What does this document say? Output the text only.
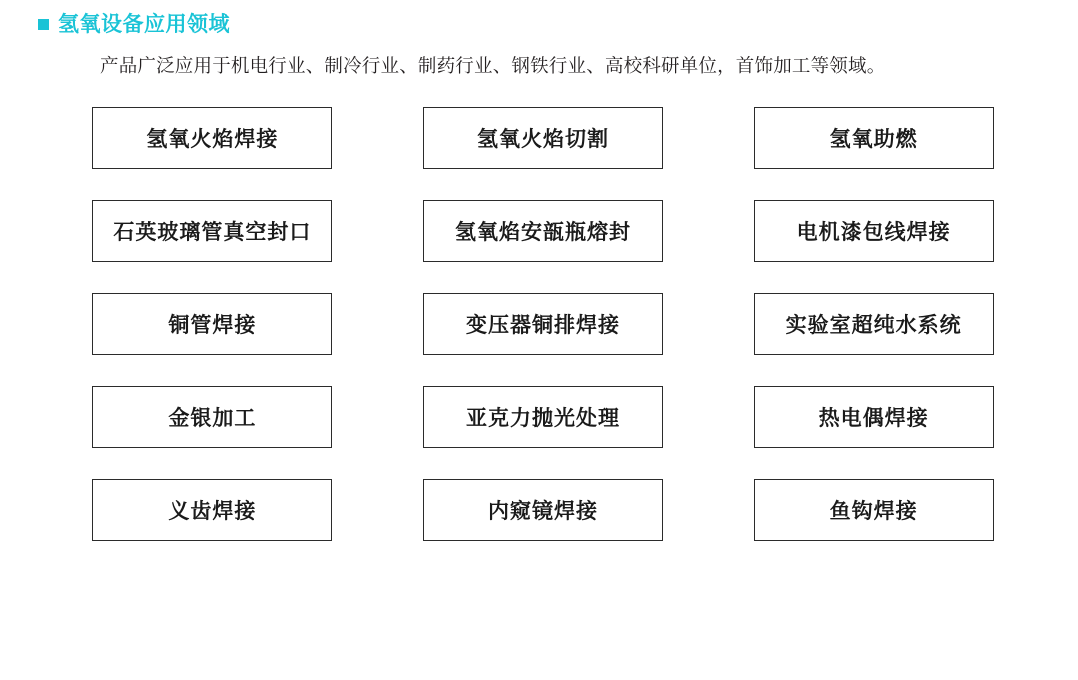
氢氧设备应用领域

产品广泛应用于机电行业、制冷行业、制药行业、钢铁行业、高校科研单位，首饰加工等领域。

氢氧火焰焊接	氢氧火焰切割	氢氧助燃
石英玻璃管真空封口	氢氧焰安瓿瓶熔封	电机漆包线焊接
铜管焊接	变压器铜排焊接	实验室超纯水系统
金银加工	亚克力抛光处理	热电偶焊接
义齿焊接	内窥镜焊接	鱼钩焊接
